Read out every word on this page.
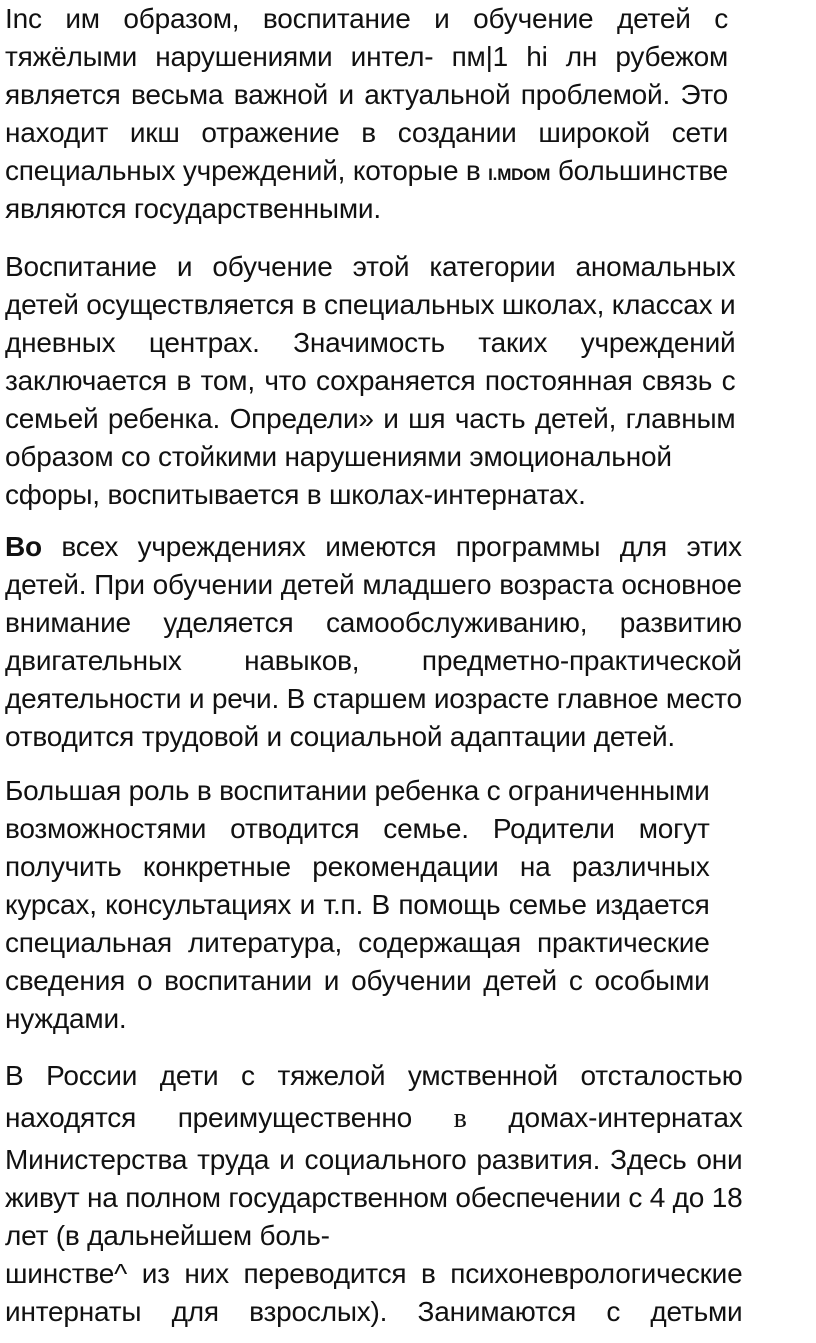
Inc им образом, воспитание и обучение детей с
тяжёлыми нарушениями интел- пм|1 hi лн рубежом
является весьма важной и актуальной проблемой. Это
находит икш отражение в создании широкой сети
специальных учреждений, которые в I.MDOM большинстве
являются государственными.
Воспитание и обучение этой категории аномальных
детей осуществляется в специальных школах, классах и
дневных центрах. Значимость таких учреждений
заключается в том, что сохраняется постоянная связь с
семьей ребенка. Определи» и шя часть детей, главным
образом со стойкими нарушениями эмоциональной
сфоры, воспитывается в школах-интернатах.
Во всех учреждениях имеются программы для этих
детей. При обучении детей младшего возраста основное
внимание уделяется самообслуживанию, развитию
двигательных навыков, предметно-практической
деятельности и речи. В старшем иозрасте главное место
отводится трудовой и социальной адаптации детей.
Большая роль в воспитании ребенка с ограниченными
возможностями отводится семье. Родители могут
получить конкретные рекомендации на различных
курсах, консультациях и т.п. В помощь семье издается
специальная литература, содержащая практические
сведения о воспитании и обучении детей с особыми
нуждами.
В России дети с тяжелой умственной отсталостью
находятся преимущественно в домах-интернатах
Министерства труда и социального развития. Здесь они
живут на полном государственном обеспечении с 4 до 18
лет (в дальнейшем боль-
шинстве^ из них переводится в психоневрологические
интернаты для взрослых). Занимаются с детьми
